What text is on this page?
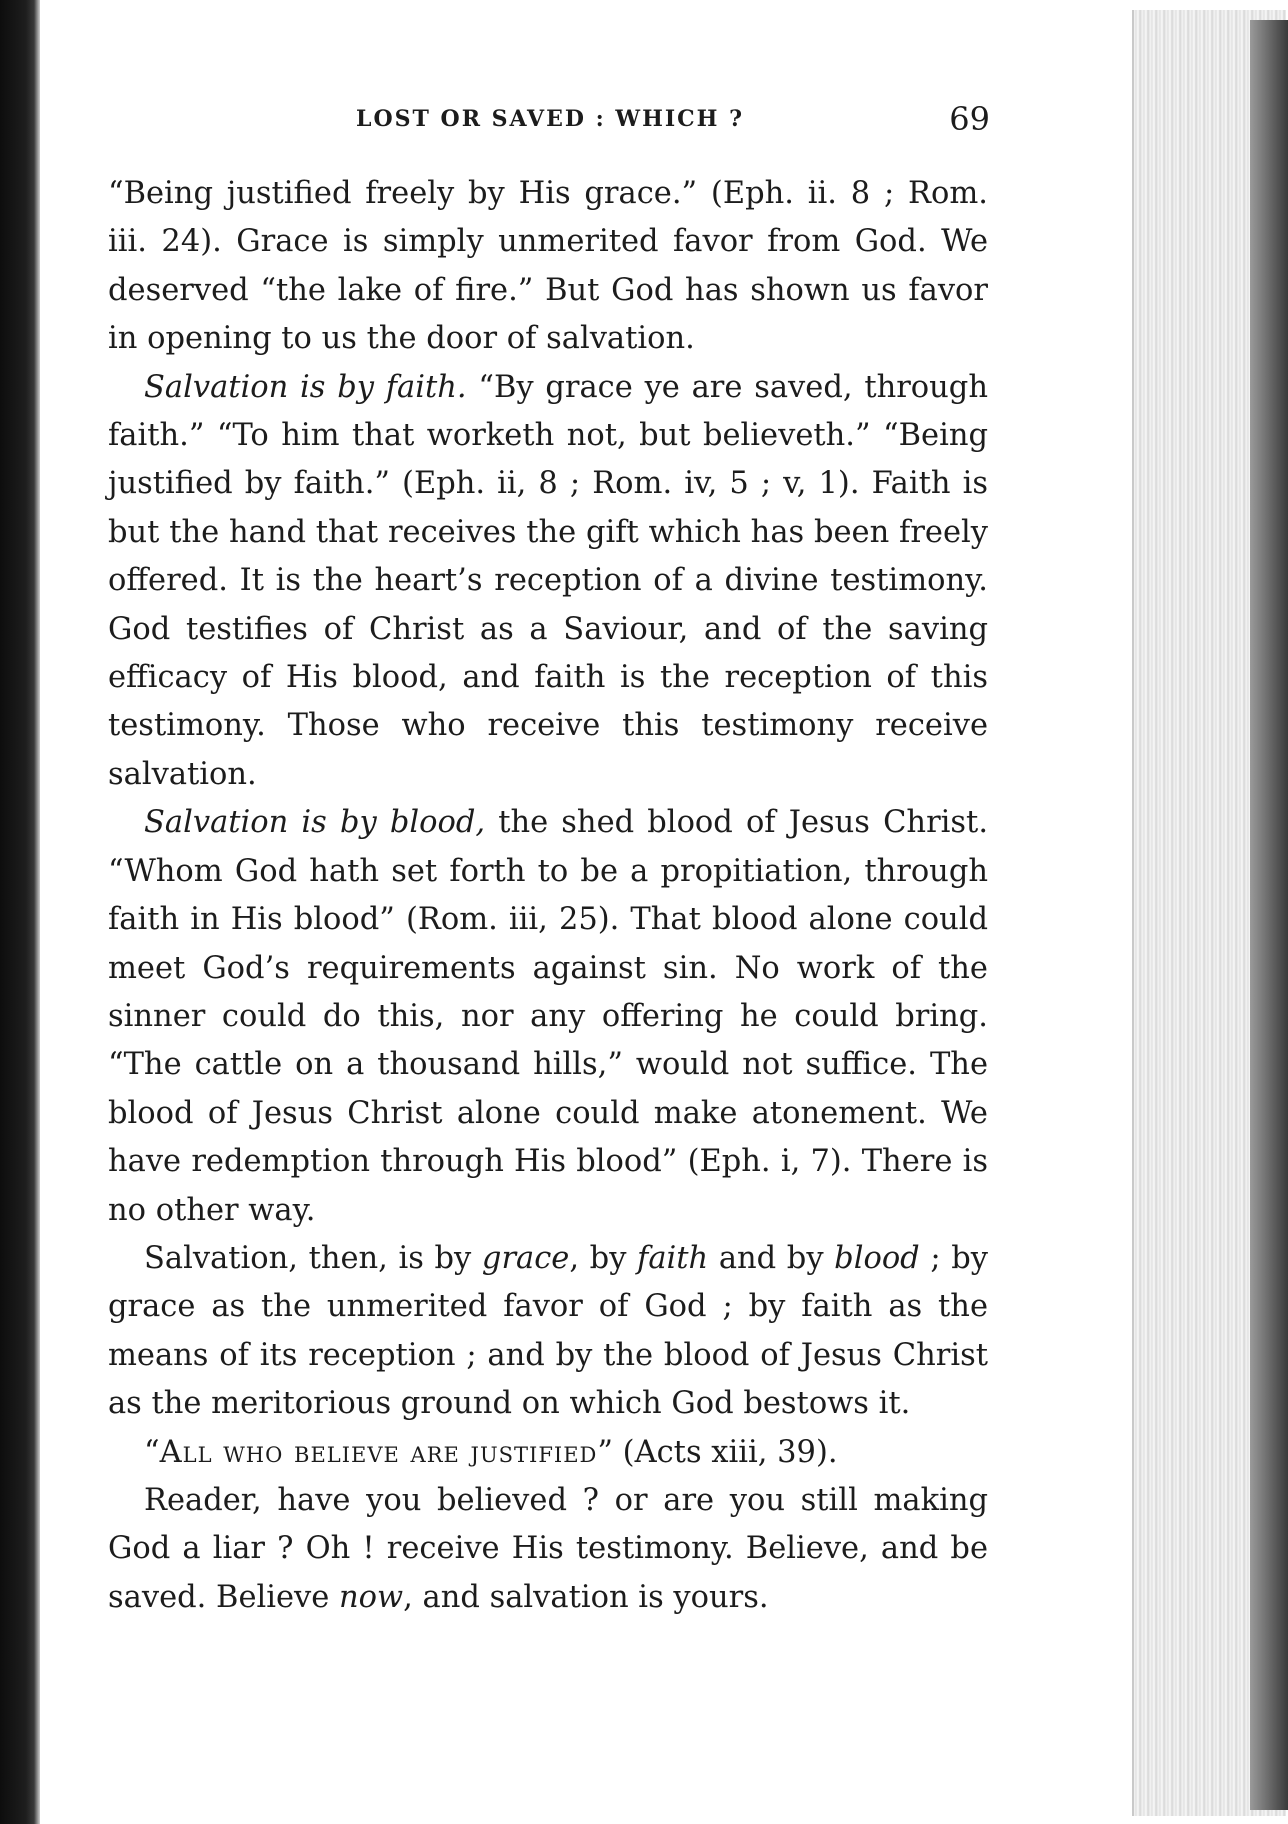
LOST OR SAVED : WHICH ?	69

“Being justified freely by His grace.” (Eph. ii. 8 ; Rom. iii. 24). Grace is simply unmerited favor from God. We deserved “the lake of fire.” But God has shown us favor in opening to us the door of salvation.

Salvation is by faith. “By grace ye are saved, through faith.” “To him that worketh not, but believeth.” “Being justified by faith.” (Eph. ii, 8 ; Rom. iv, 5 ; v, 1). Faith is but the hand that receives the gift which has been freely offered. It is the heart’s reception of a divine testimony. God testifies of Christ as a Saviour, and of the saving efficacy of His blood, and faith is the reception of this testimony. Those who receive this testimony receive salvation.

Salvation is by blood, the shed blood of Jesus Christ. “Whom God hath set forth to be a propitiation, through faith in His blood” (Rom. iii, 25). That blood alone could meet God’s requirements against sin. No work of the sinner could do this, nor any offering he could bring. “The cattle on a thousand hills,” would not suffice. The blood of Jesus Christ alone could make atonement. We have redemption through His blood” (Eph. i, 7). There is no other way.

Salvation, then, is by grace, by faith and by blood ; by grace as the unmerited favor of God ; by faith as the means of its reception ; and by the blood of Jesus Christ as the meritorious ground on which God bestows it.

“All who believe are justified” (Acts xiii, 39).

Reader, have you believed ? or are you still making God a liar ? Oh ! receive His testimony. Believe, and be saved. Believe now, and salvation is yours.
